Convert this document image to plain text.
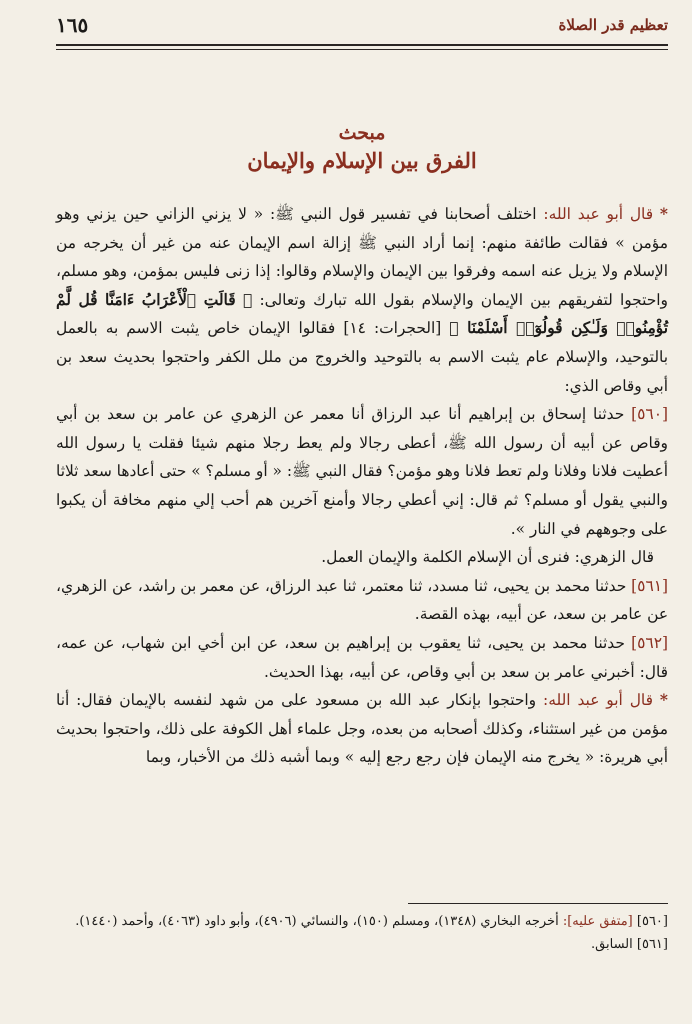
تعظيم قدر الصلاة
١٦٥
مبحث
الفرق بين الإسلام والإيمان

* قال أبو عبد الله: اختلف أصحابنا في تفسير قول النبي ﷺ: « لا يزني الزاني حين يزني وهو مؤمن » فقالت طائفة منهم: إنما أراد النبي ﷺ إزالة اسم الإيمان عنه من غير أن يخرجه من الإسلام ولا يزيل عنه اسمه وفرقوا بين الإيمان والإسلام وقالوا: إذا زنى فليس بمؤمن، وهو مسلم، واحتجوا لتفريقهم بين الإيمان والإسلام بقول الله تبارك وتعالى: ﴿ قَالَتِ ٱلْأَعْرَابُ ءَامَنَّا قُل لَّمْ تُؤْمِنُوا۟ وَلَـٰكِن قُولُوٓا۟ أَسْلَمْنَا ﴾ [الحجرات: ١٤] فقالوا الإيمان خاص يثبت الاسم به بالعمل بالتوحيد، والإسلام عام يثبت الاسم به بالتوحيد والخروج من ملل الكفر واحتجوا بحديث سعد بن أبي وقاص الذي:

[٥٦٠] حدثنا إسحاق بن إبراهيم أنا عبد الرزاق أنا معمر عن الزهري عن عامر بن سعد بن أبي وقاص عن أبيه أن رسول الله ﷺ، أعطى رجالا ولم يعط رجلا منهم شيئا فقلت يا رسول الله أعطيت فلانا وفلانا ولم تعط فلانا وهو مؤمن؟ فقال النبي ﷺ: « أو مسلم؟ » حتى أعادها سعد ثلاثا والنبي يقول أو مسلم؟ ثم قال: إني أعطي رجالا وأمنع آخرين هم أحب إلي منهم مخافة أن يكبوا على وجوههم في النار ».

قال الزهري: فنرى أن الإسلام الكلمة والإيمان العمل.

[٥٦١] حدثنا محمد بن يحيى، ثنا مسدد، ثنا معتمر، ثنا عبد الرزاق، عن معمر بن راشد، عن الزهري، عن عامر بن سعد، عن أبيه، بهذه القصة.

[٥٦٢] حدثنا محمد بن يحيى، ثنا يعقوب بن إبراهيم بن سعد، عن ابن أخي ابن شهاب، عن عمه، قال: أخبرني عامر بن سعد بن أبي وقاص، عن أبيه، بهذا الحديث.

* قال أبو عبد الله: واحتجوا بإنكار عبد الله بن مسعود على من شهد لنفسه بالإيمان فقال: أنا مؤمن من غير استثناء، وكذلك أصحابه من بعده، وجل علماء أهل الكوفة على ذلك، واحتجوا بحديث أبي هريرة: « يخرج منه الإيمان فإن رجع رجع إليه » وبما أشبه ذلك من الأخبار، وبما

[٥٦٠] [متفق عليه]: أخرجه البخاري (١٣٤٨)، ومسلم (١٥٠)، والنسائي (٤٩٠٦)، وأبو داود (٤٠٦٣)، وأحمد (١٤٤٠).

[٥٦١] السابق.
